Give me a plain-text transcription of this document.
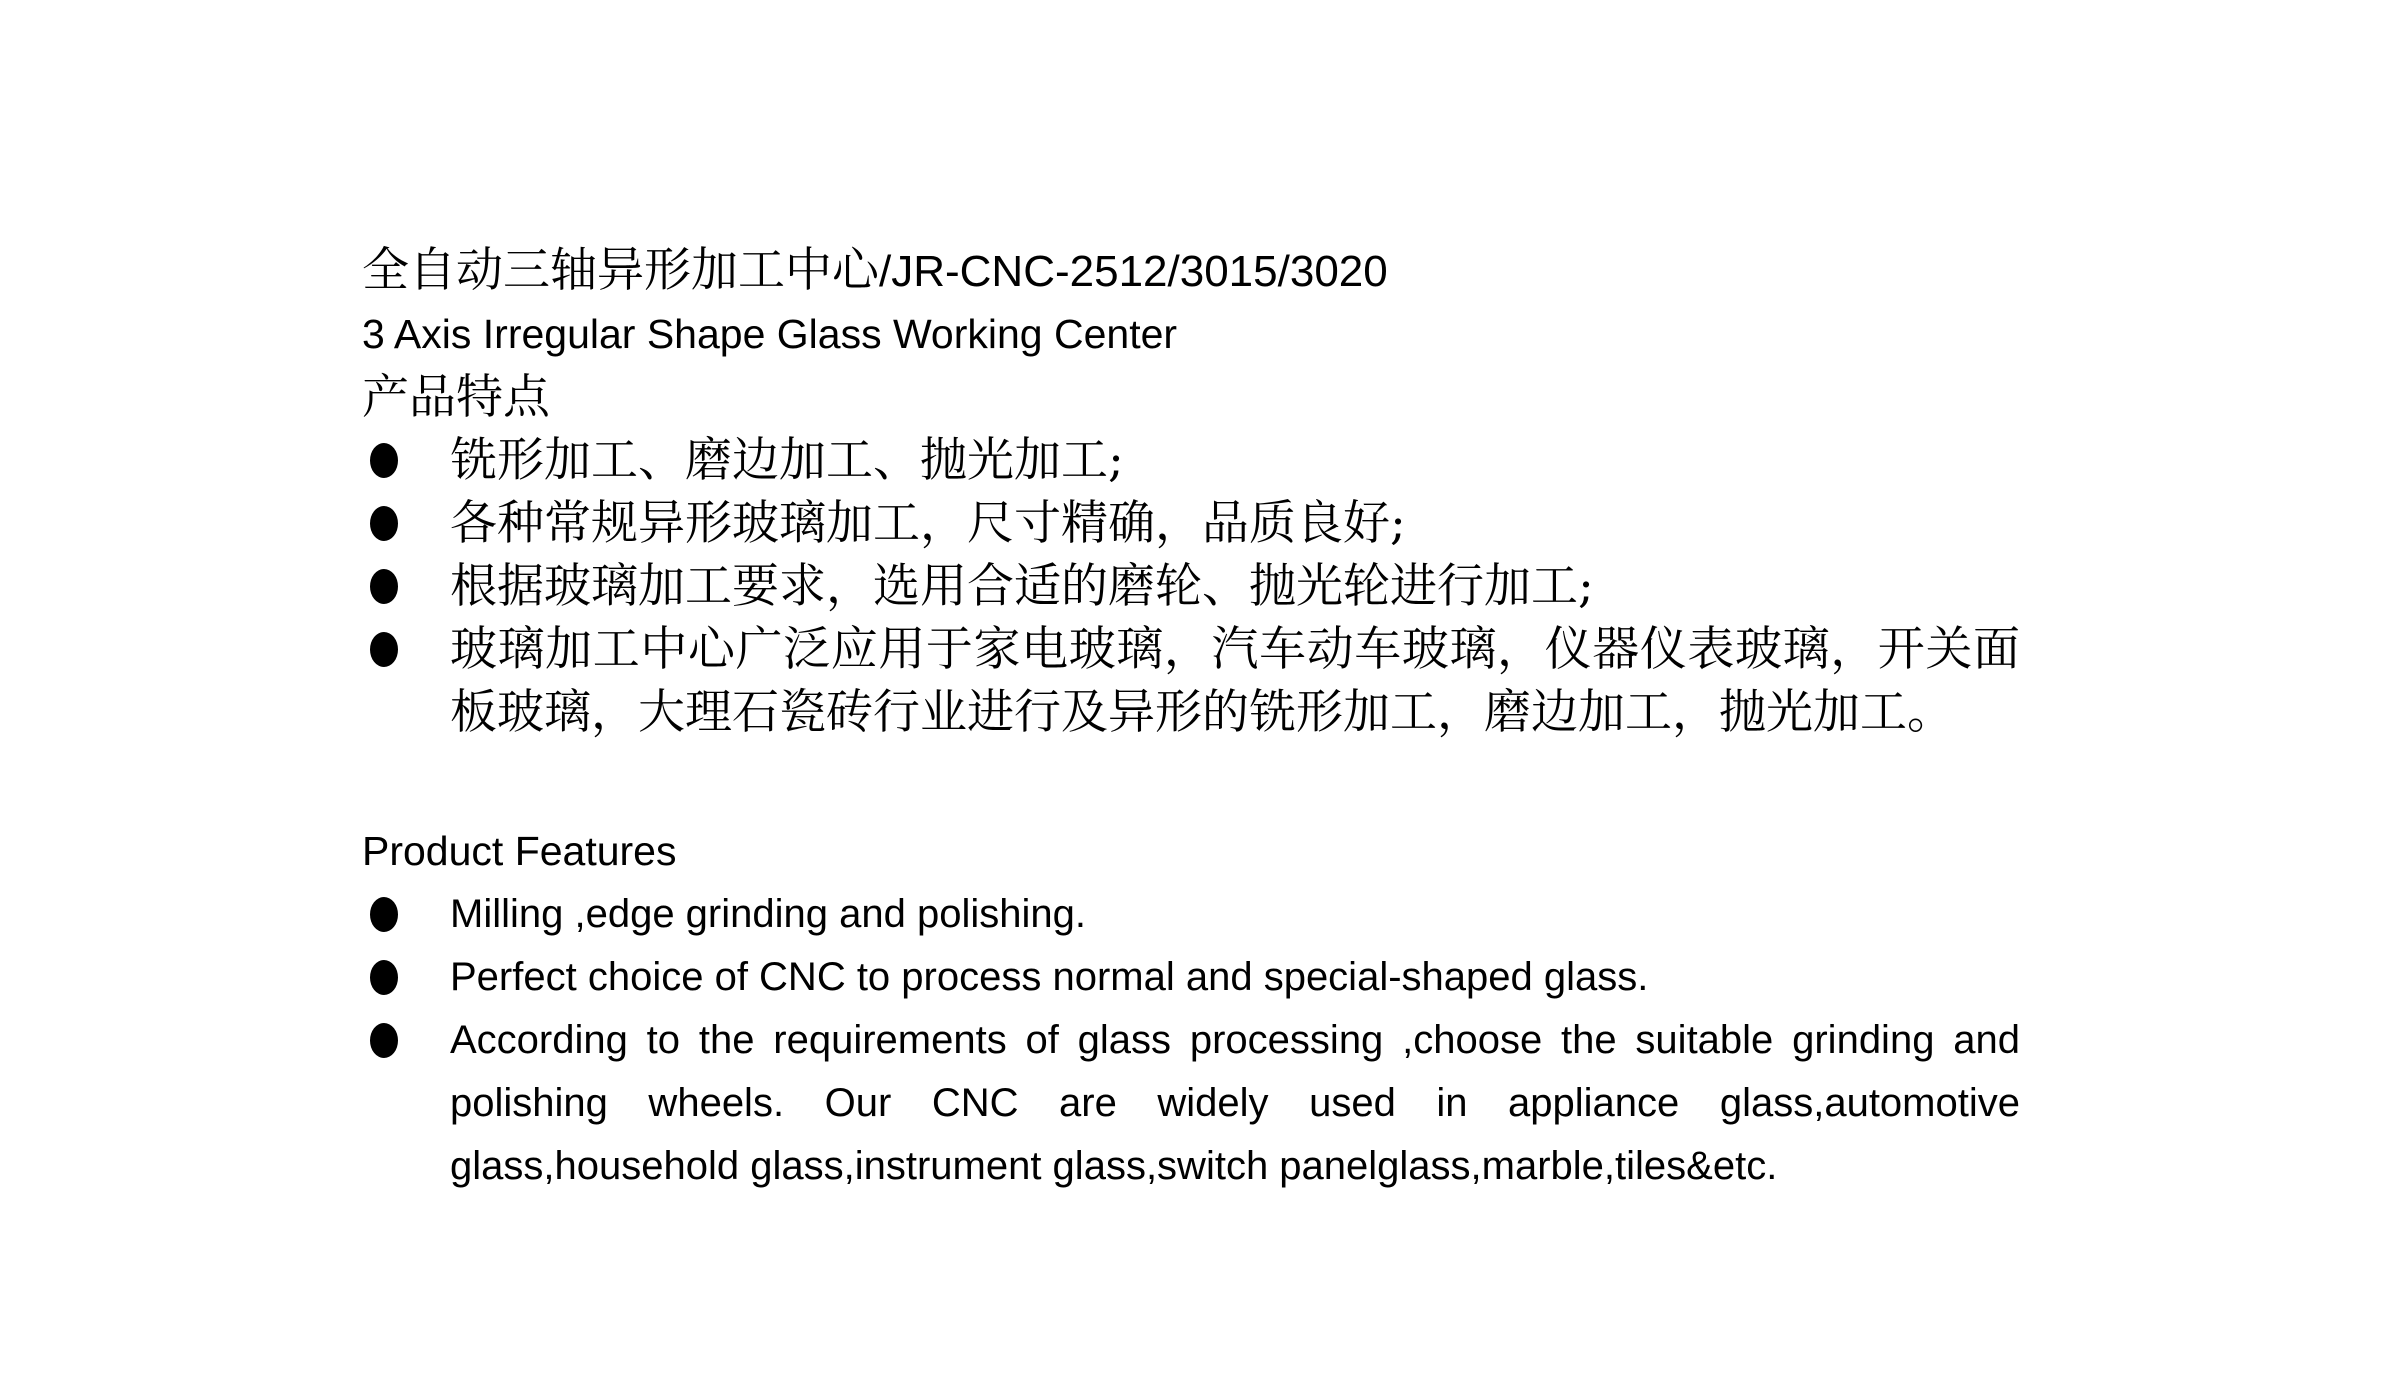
全自动三轴异形加工中心/JR-CNC-2512/3015/3020
3 Axis Irregular Shape Glass Working Center
产品特点
铣形加工、磨边加工、抛光加工;
各种常规异形玻璃加工，尺寸精确，品质良好;
根据玻璃加工要求，选用合适的磨轮、抛光轮进行加工;
玻璃加工中心广泛应用于家电玻璃，汽车动车玻璃，仪器仪表玻璃，开关面板玻璃，大理石瓷砖行业进行及异形的铣形加工，磨边加工，抛光加工。
Product Features
Milling ,edge grinding and polishing.
Perfect choice of CNC to process normal and special-shaped glass.
According to the requirements of glass processing ,choose the suitable grinding and polishing wheels. Our CNC are widely used in appliance glass,automotive glass,household glass,instrument glass,switch panelglass,marble,tiles&etc.
